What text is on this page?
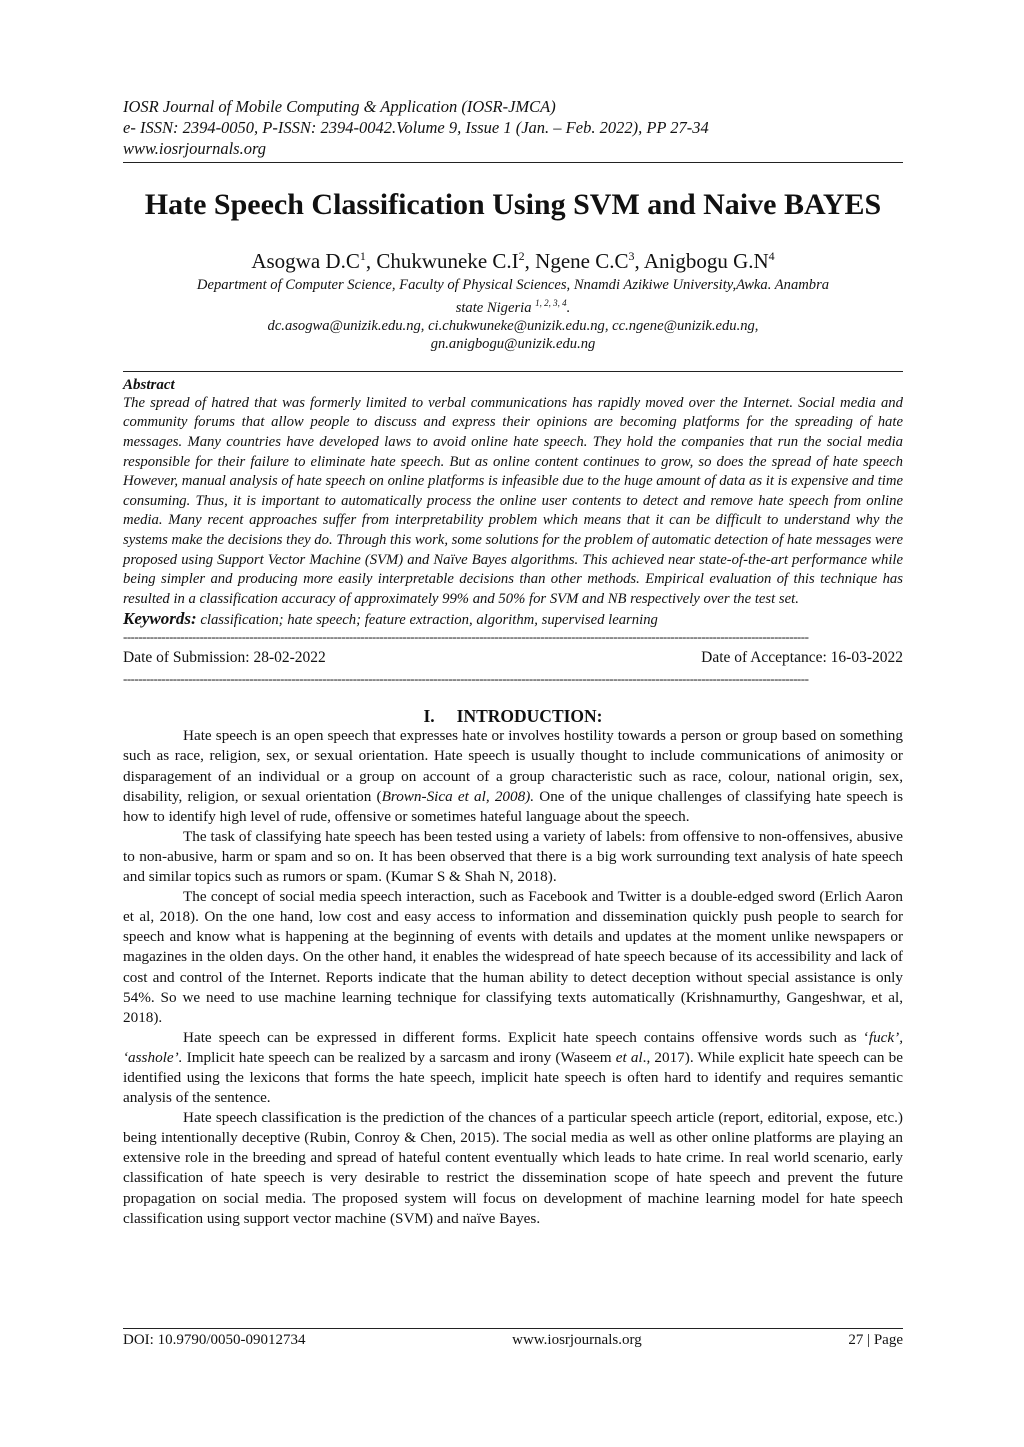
IOSR Journal of Mobile Computing & Application (IOSR-JMCA)
e- ISSN: 2394-0050, P-ISSN: 2394-0042.Volume 9, Issue 1 (Jan. – Feb. 2022), PP 27-34
www.iosrjournals.org
Hate Speech Classification Using SVM and Naive BAYES
Asogwa $D.C^1$, Chukwuneke $C.I^2$, Ngene $C.C^3$, Anigbogu $G.N^4$
Department of Computer Science, Faculty of Physical Sciences, Nnamdi Azikiwe University,Awka. Anambra
state Nigeria $^{1, 2, 3, 4}$.
dc.asogwa@unizik.edu.ng, ci.chukwuneke@unizik.edu.ng, cc.ngene@unizik.edu.ng,
gn.anigbogu@unizik.edu.ng
Abstract
The spread of hatred that was formerly limited to verbal communications has rapidly moved over the Internet. Social media and community forums that allow people to discuss and express their opinions are becoming platforms for the spreading of hate messages. Many countries have developed laws to avoid online hate speech. They hold the companies that run the social media responsible for their failure to eliminate hate speech. But as online content continues to grow, so does the spread of hate speech However, manual analysis of hate speech on online platforms is infeasible due to the huge amount of data as it is expensive and time consuming. Thus, it is important to automatically process the online user contents to detect and remove hate speech from online media. Many recent approaches suffer from interpretability problem which means that it can be difficult to understand why the systems make the decisions they do. Through this work, some solutions for the problem of automatic detection of hate messages were proposed using Support Vector Machine (SVM) and Naïve Bayes algorithms. This achieved near state-of-the-art performance while being simpler and producing more easily interpretable decisions than other methods. Empirical evaluation of this technique has resulted in a classification accuracy of approximately 99% and 50% for SVM and NB respectively over the test set.
Keywords: classification; hate speech; feature extraction, algorithm, supervised learning
-----------------------------------------------------------------------------------------------------------------------------------------------------------------------------------
Date of Submission: 28-02-2022	Date of Acceptance: 16-03-2022
-----------------------------------------------------------------------------------------------------------------------------------------------------------------------------------
I. INTRODUCTION:

Hate speech is an open speech that expresses hate or involves hostility towards a person or group based on something such as race, religion, sex, or sexual orientation. Hate speech is usually thought to include communications of animosity or disparagement of an individual or a group on account of a group characteristic such as race, colour, national origin, sex, disability, religion, or sexual orientation (Brown-Sica et al, 2008). One of the unique challenges of classifying hate speech is how to identify high level of rude, offensive or sometimes hateful language about the speech.

The task of classifying hate speech has been tested using a variety of labels: from offensive to non-offensives, abusive to non-abusive, harm or spam and so on. It has been observed that there is a big work surrounding text analysis of hate speech and similar topics such as rumors or spam. (Kumar S & Shah N, 2018).

The concept of social media speech interaction, such as Facebook and Twitter is a double-edged sword (Erlich Aaron et al, 2018). On the one hand, low cost and easy access to information and dissemination quickly push people to search for speech and know what is happening at the beginning of events with details and updates at the moment unlike newspapers or magazines in the olden days. On the other hand, it enables the widespread of hate speech because of its accessibility and lack of cost and control of the Internet. Reports indicate that the human ability to detect deception without special assistance is only 54%. So we need to use machine learning technique for classifying texts automatically (Krishnamurthy, Gangeshwar, et al, 2018).

Hate speech can be expressed in different forms. Explicit hate speech contains offensive words such as ‘fuck’, ‘asshole’. Implicit hate speech can be realized by a sarcasm and irony (Waseem et al., 2017). While explicit hate speech can be identified using the lexicons that forms the hate speech, implicit hate speech is often hard to identify and requires semantic analysis of the sentence.

Hate speech classification is the prediction of the chances of a particular speech article (report, editorial, expose, etc.) being intentionally deceptive (Rubin, Conroy & Chen, 2015). The social media as well as other online platforms are playing an extensive role in the breeding and spread of hateful content eventually which leads to hate crime. In real world scenario, early classification of hate speech is very desirable to restrict the dissemination scope of hate speech and prevent the future propagation on social media. The proposed system will focus on development of machine learning model for hate speech classification using support vector machine (SVM) and naïve Bayes.

DOI: 10.9790/0050-09012734	www.iosrjournals.org	27 | Page
